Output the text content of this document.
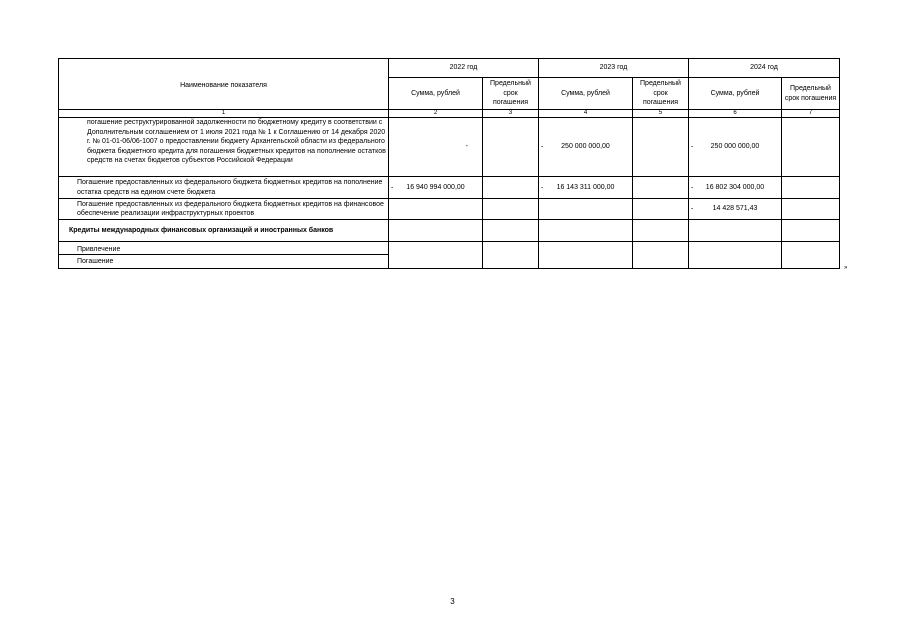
Наименование показателя	2022 год		2023 год		2024 год	
	Сумма, рублей	Предельный срок погашения	Сумма, рублей	Предельный срок погашения	Сумма, рублей	Предельный срок погашения
1	2	3	4	5	6	7
погашение реструктурированной задолженности по бюджетному кредиту в соответствии с Дополнительным соглашением от 1 июля 2021 года № 1 к Соглашению от 14 декабря 2020 г. № 01-01-06/06-1007 о предоставлении бюджету Архангельской области из федерального бюджета бюджетного кредита для погашения бюджетных кредитов на пополнение остатков средств на счетах бюджетов субъектов Российской Федерации	-		- 250 000 000,00		- 250 000 000,00	
Погашение предоставленных из федерального бюджета бюджетных кредитов на пополнение остатка средств на едином счете бюджета	- 16 940 994 000,00		- 16 143 311 000,00		- 16 802 304 000,00	
Погашение предоставленных из федерального бюджета бюджетных кредитов на финансовое обеспечение реализации инфраструктурных проектов					- 14 428 571,43	
Кредиты международных финансовых организаций и иностранных банков						
Привлечение						
Погашение						
»
3
